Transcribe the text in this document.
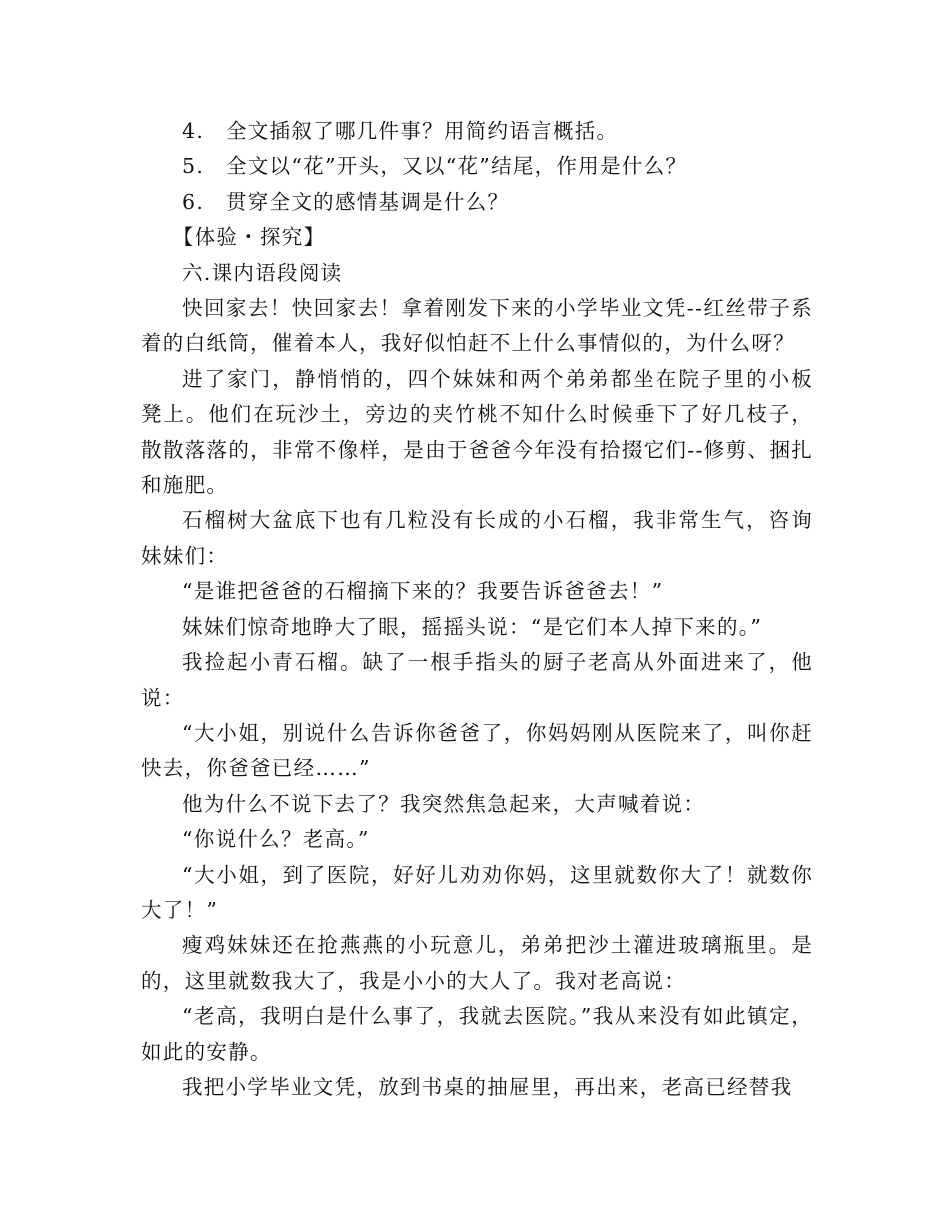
4.　全文插叙了哪几件事？用简约语言概括。

5.　全文以“花”开头，又以“花”结尾，作用是什么？

6.　贯穿全文的感情基调是什么？

【体验・探究】

六.课内语段阅读

快回家去！快回家去！拿着刚发下来的小学毕业文凭--红丝带子系着的白纸筒，催着本人，我好似怕赶不上什么事情似的，为什么呀？

进了家门，静悄悄的，四个妹妹和两个弟弟都坐在院子里的小板凳上。他们在玩沙土，旁边的夹竹桃不知什么时候垂下了好几枝子，散散落落的，非常不像样，是由于爸爸今年没有拾掇它们--修剪、捆扎和施肥。

石榴树大盆底下也有几粒没有长成的小石榴，我非常生气，咨询妹妹们：

“是谁把爸爸的石榴摘下来的？我要告诉爸爸去！”

妹妹们惊奇地睁大了眼，摇摇头说：“是它们本人掉下来的。”

我捡起小青石榴。缺了一根手指头的厨子老高从外面进来了，他说：

“大小姐，别说什么告诉你爸爸了，你妈妈刚从医院来了，叫你赶快去，你爸爸已经……”

他为什么不说下去了？我突然焦急起来，大声喊着说：

“你说什么？老高。”

“大小姐，到了医院，好好儿劝劝你妈，这里就数你大了！就数你大了！”

瘦鸡妹妹还在抢燕燕的小玩意儿，弟弟把沙土灌进玻璃瓶里。是的，这里就数我大了，我是小小的大人了。我对老高说：

“老高，我明白是什么事了，我就去医院。”我从来没有如此镇定，如此的安静。

我把小学毕业文凭，放到书桌的抽屉里，再出来，老高已经替我
